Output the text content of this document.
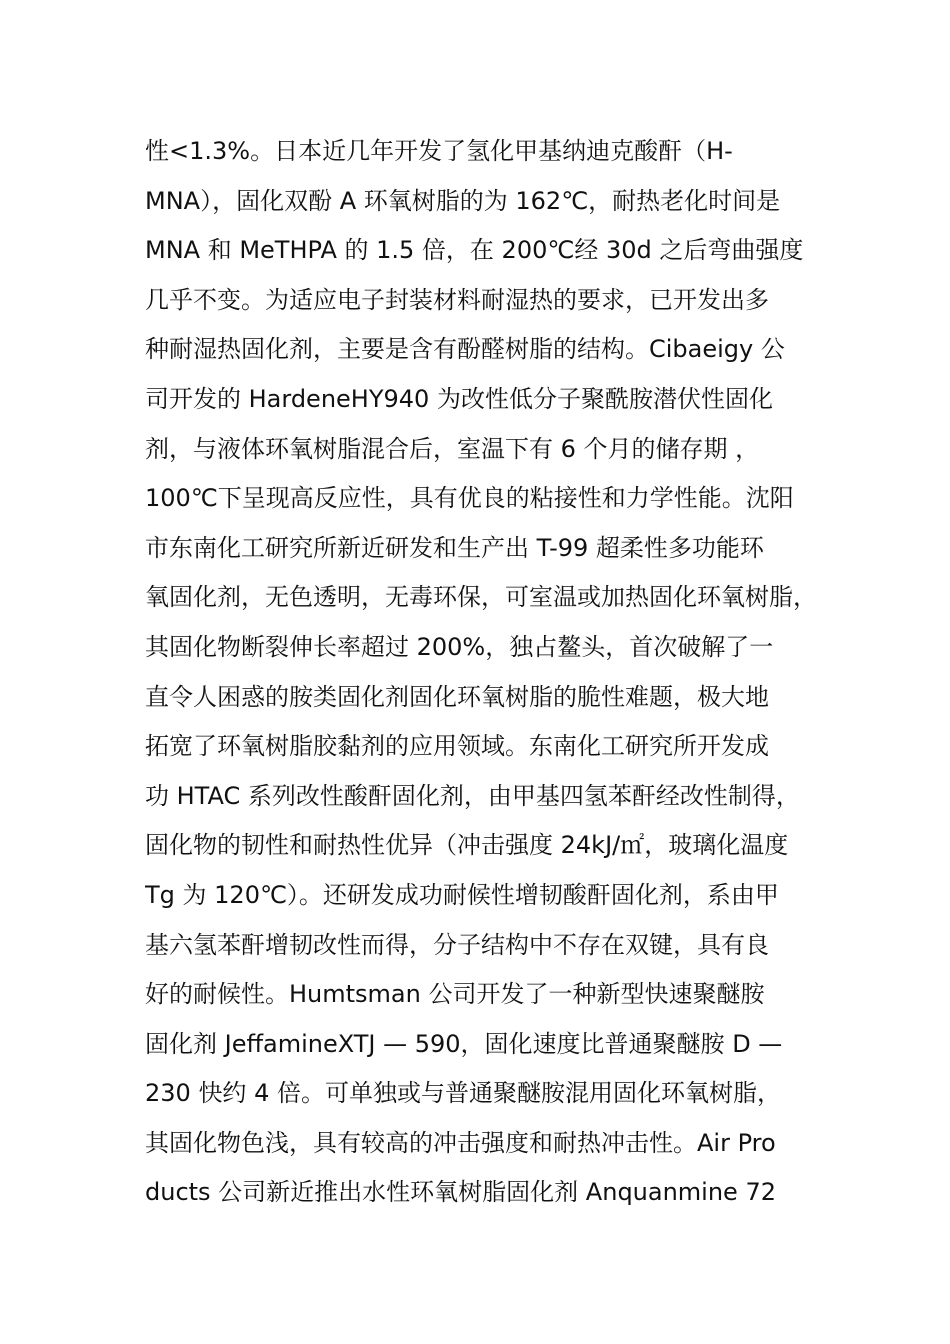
性<1.3%。日本近几年开发了氢化甲基纳迪克酸酐（H-
MNA），固化双酚 A 环氧树脂的为 162℃，耐热老化时间是
MNA 和 MeTHPA 的 1.5 倍，在 200℃经 30d 之后弯曲强度
几乎不变。为适应电子封装材料耐湿热的要求，已开发出多
种耐湿热固化剂，主要是含有酚醛树脂的结构。Cibaeigy 公
司开发的 HardeneHY940 为改性低分子聚酰胺潜伏性固化
剂，与液体环氧树脂混合后，室温下有 6 个月的储存期 ，
100℃下呈现高反应性，具有优良的粘接性和力学性能。沈阳
市东南化工研究所新近研发和生产出 T-99 超柔性多功能环
氧固化剂，无色透明，无毒环保，可室温或加热固化环氧树脂，
其固化物断裂伸长率超过 200%，独占鳌头，首次破解了一
直令人困惑的胺类固化剂固化环氧树脂的脆性难题，极大地
拓宽了环氧树脂胶黏剂的应用领域。东南化工研究所开发成
功 HTAC 系列改性酸酐固化剂，由甲基四氢苯酐经改性制得，
固化物的韧性和耐热性优异（冲击强度 24kJ/㎡，玻璃化温度
Tg 为 120℃）。还研发成功耐候性增韧酸酐固化剂，系由甲
基六氢苯酐增韧改性而得，分子结构中不存在双键，具有良
好的耐候性。Humtsman 公司开发了一种新型快速聚醚胺
固化剂 JeffamineXTJ — 590，固化速度比普通聚醚胺 D —
230 快约 4 倍。可单独或与普通聚醚胺混用固化环氧树脂，
其固化物色浅，具有较高的冲击强度和耐热冲击性。Air Pro
ducts 公司新近推出水性环氧树脂固化剂 Anquanmine 72
